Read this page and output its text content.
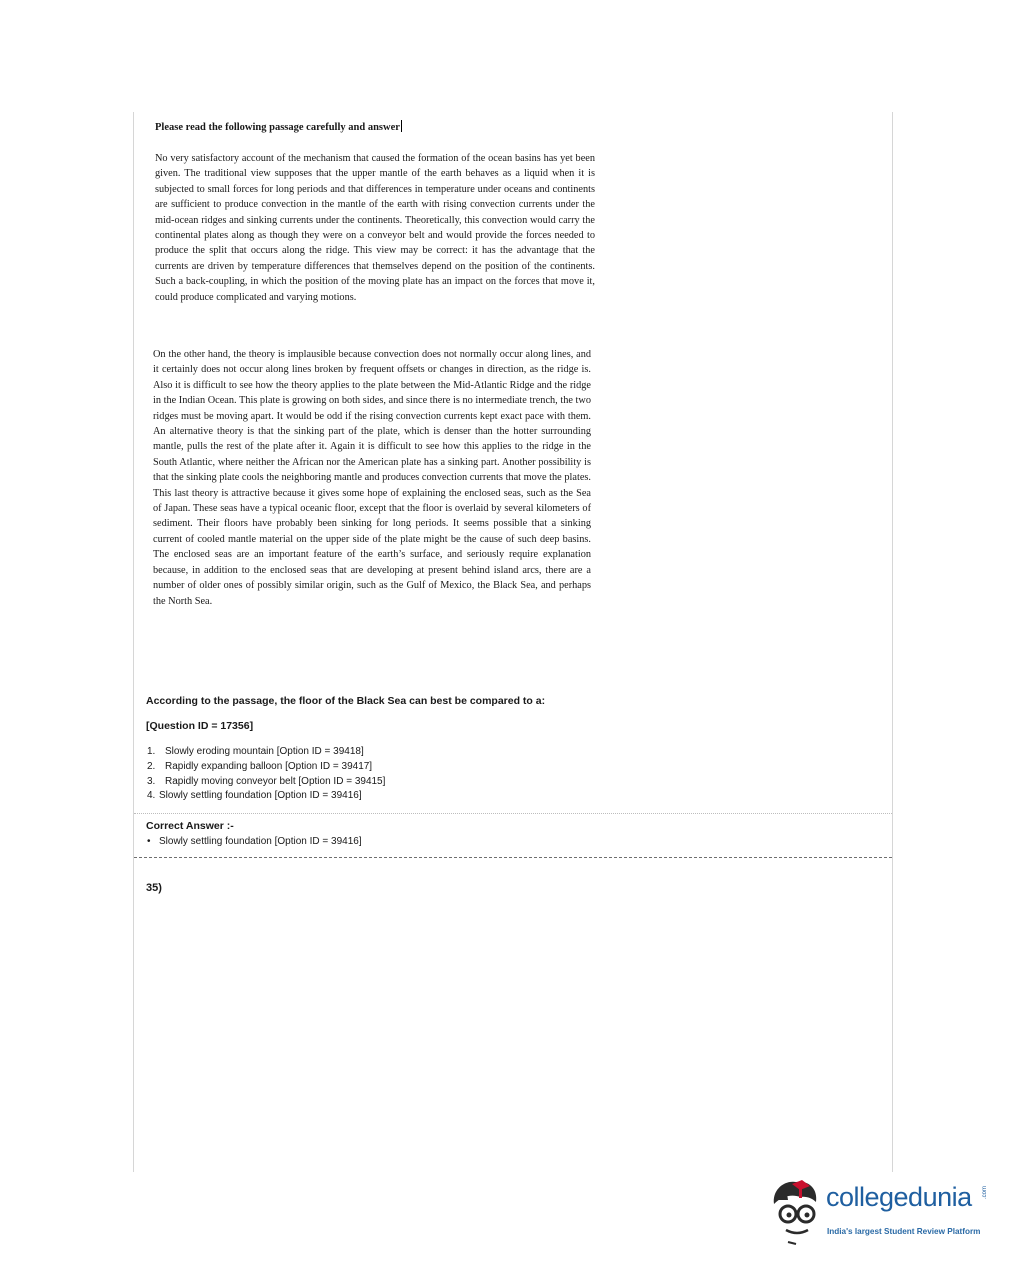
Please read the following passage carefully and answer

No very satisfactory account of the mechanism that caused the formation of the ocean basins has yet been given. The traditional view supposes that the upper mantle of the earth behaves as a liquid when it is subjected to small forces for long periods and that differences in temperature under oceans and continents are sufficient to produce convection in the mantle of the earth with rising convection currents under the mid-ocean ridges and sinking currents under the continents. Theoretically, this convection would carry the continental plates along as though they were on a conveyor belt and would provide the forces needed to produce the split that occurs along the ridge. This view may be correct: it has the advantage that the currents are driven by temperature differences that themselves depend on the position of the continents. Such a back-coupling, in which the position of the moving plate has an impact on the forces that move it, could produce complicated and varying motions.

On the other hand, the theory is implausible because convection does not normally occur along lines, and it certainly does not occur along lines broken by frequent offsets or changes in direction, as the ridge is. Also it is difficult to see how the theory applies to the plate between the Mid-Atlantic Ridge and the ridge in the Indian Ocean. This plate is growing on both sides, and since there is no intermediate trench, the two ridges must be moving apart. It would be odd if the rising convection currents kept exact pace with them. An alternative theory is that the sinking part of the plate, which is denser than the hotter surrounding mantle, pulls the rest of the plate after it. Again it is difficult to see how this applies to the ridge in the South Atlantic, where neither the African nor the American plate has a sinking part. Another possibility is that the sinking plate cools the neighboring mantle and produces convection currents that move the plates. This last theory is attractive because it gives some hope of explaining the enclosed seas, such as the Sea of Japan. These seas have a typical oceanic floor, except that the floor is overlaid by several kilometers of sediment. Their floors have probably been sinking for long periods. It seems possible that a sinking current of cooled mantle material on the upper side of the plate might be the cause of such deep basins. The enclosed seas are an important feature of the earth’s surface, and seriously require explanation because, in addition to the enclosed seas that are developing at present behind island arcs, there are a number of older ones of possibly similar origin, such as the Gulf of Mexico, the Black Sea, and perhaps the North Sea.

According to the passage, the floor of the Black Sea can best be compared to a:
[Question ID = 17356]
1. Slowly eroding mountain [Option ID = 39418]
2. Rapidly expanding balloon [Option ID = 39417]
3. Rapidly moving conveyor belt [Option ID = 39415]
4. Slowly settling foundation [Option ID = 39416]
Correct Answer :-
• Slowly settling foundation [Option ID = 39416]
35)
collegedunia .com
India's largest Student Review Platform
